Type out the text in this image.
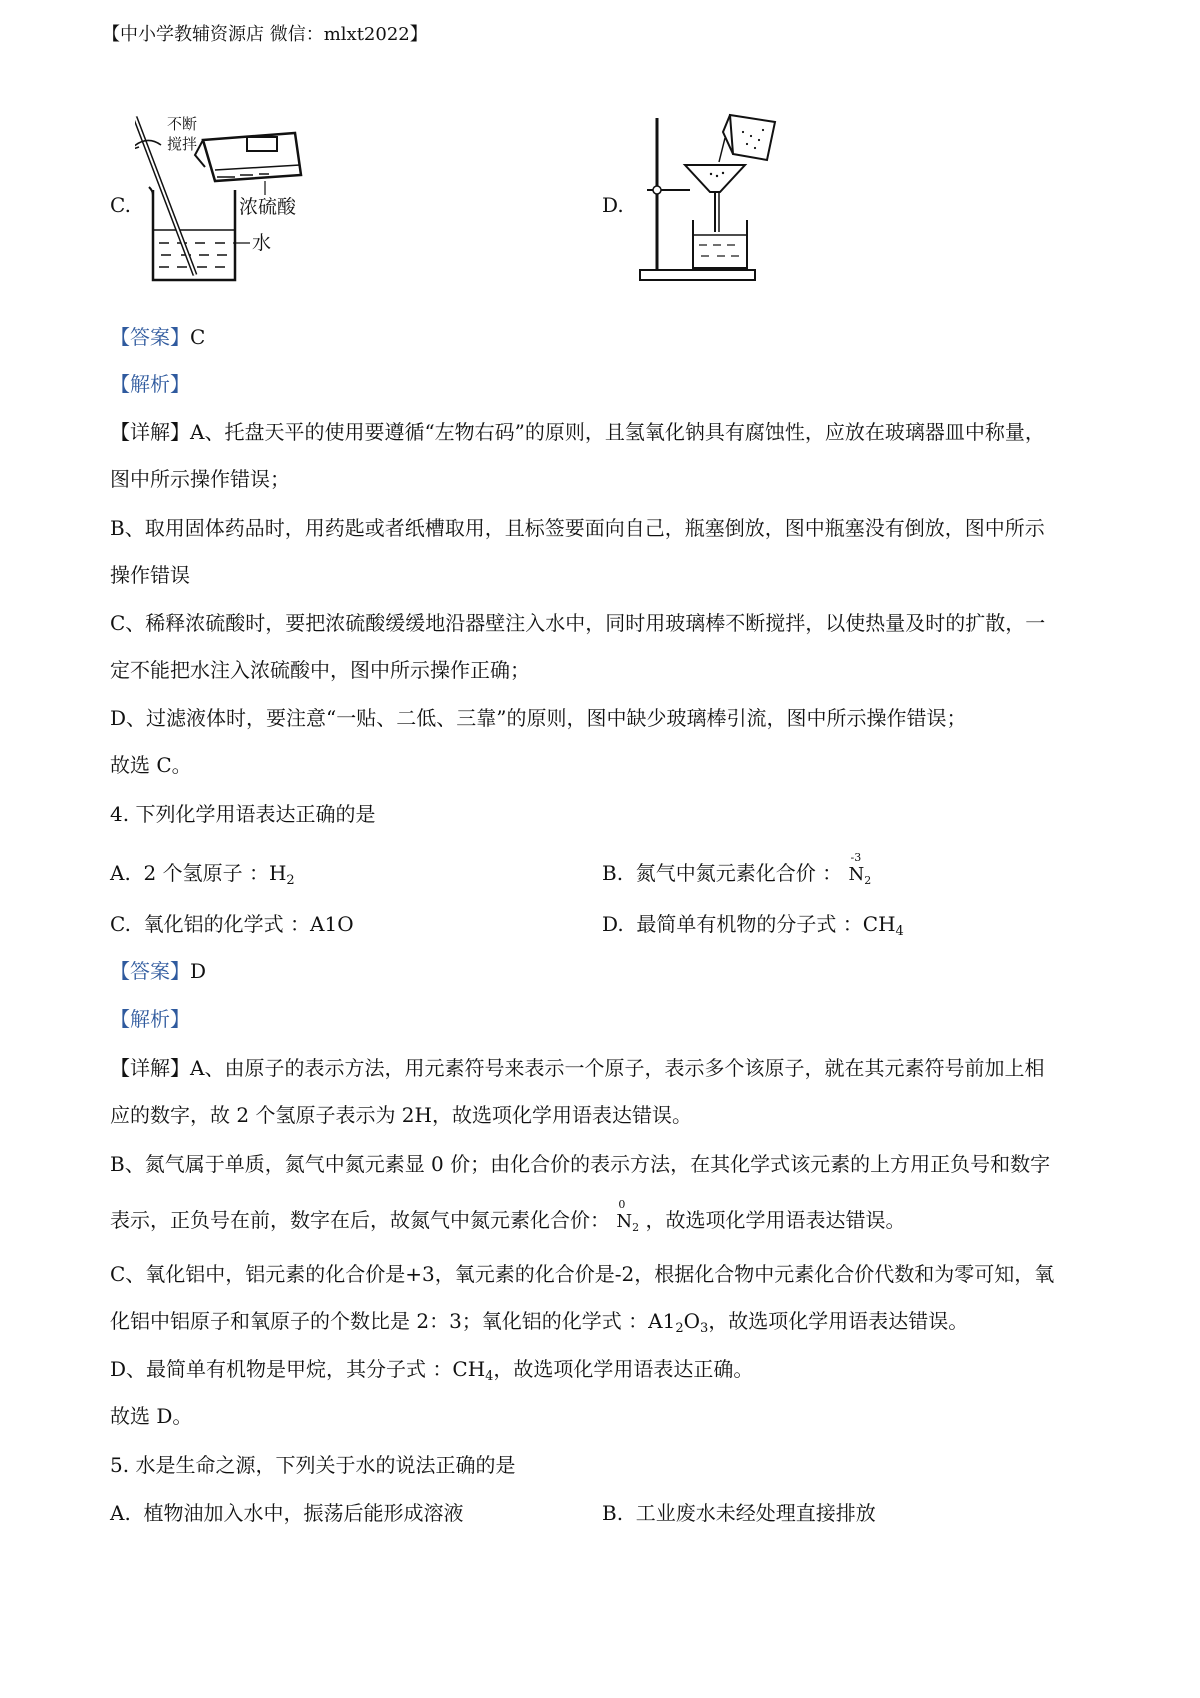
【中小学教辅资源店 微信：mlxt2022】
C.
不断
搅拌
浓硫酸
水
D.
【答案】C
【解析】
【详解】A、托盘天平的使用要遵循“左物右码”的原则，且氢氧化钠具有腐蚀性，应放在玻璃器皿中称量，
图中所示操作错误；
B、取用固体药品时，用药匙或者纸槽取用，且标签要面向自己，瓶塞倒放，图中瓶塞没有倒放，图中所示
操作错误
C、稀释浓硫酸时，要把浓硫酸缓缓地沿器壁注入水中，同时用玻璃棒不断搅拌，以使热量及时的扩散，一
定不能把水注入浓硫酸中，图中所示操作正确；
D、过滤液体时，要注意“一贴、二低、三靠”的原则，图中缺少玻璃棒引流，图中所示操作错误；
故选 C。
4. 下列化学用语表达正确的是
A. 2 个氢原子 ：$H_2$	B. 氮气中氮元素化合价 ：
-3
$N_2$
C. 氧化铝的化学式 ：A1O	D. 最简单有机物的分子式 ：$CH_4$
【答案】D
【解析】
【详解】A、由原子的表示方法，用元素符号来表示一个原子，表示多个该原子，就在其元素符号前加上相
应的数字，故 2 个氢原子表示为 2H，故选项化学用语表达错误。
B、氮气属于单质，氮气中氮元素显 0 价；由化合价的表示方法，在其化学式该元素的上方用正负号和数字
表示，正负号在前，数字在后，故氮气中氮元素化合价：
0
$N_2$ ，故选项化学用语表达错误。
C、氧化铝中，铝元素的化合价是+3，氧元素的化合价是-2，根据化合物中元素化合价代数和为零可知，氧
化铝中铝原子和氧原子的个数比是 2：3；氧化铝的化学式 ：$A1_2O_3$，故选项化学用语表达错误。
D、最简单有机物是甲烷，其分子式 ：$CH_4$，故选项化学用语表达正确。
故选 D。
5. 水是生命之源，下列关于水的说法正确的是
A. 植物油加入水中，振荡后能形成溶液	B. 工业废水未经处理直接排放
